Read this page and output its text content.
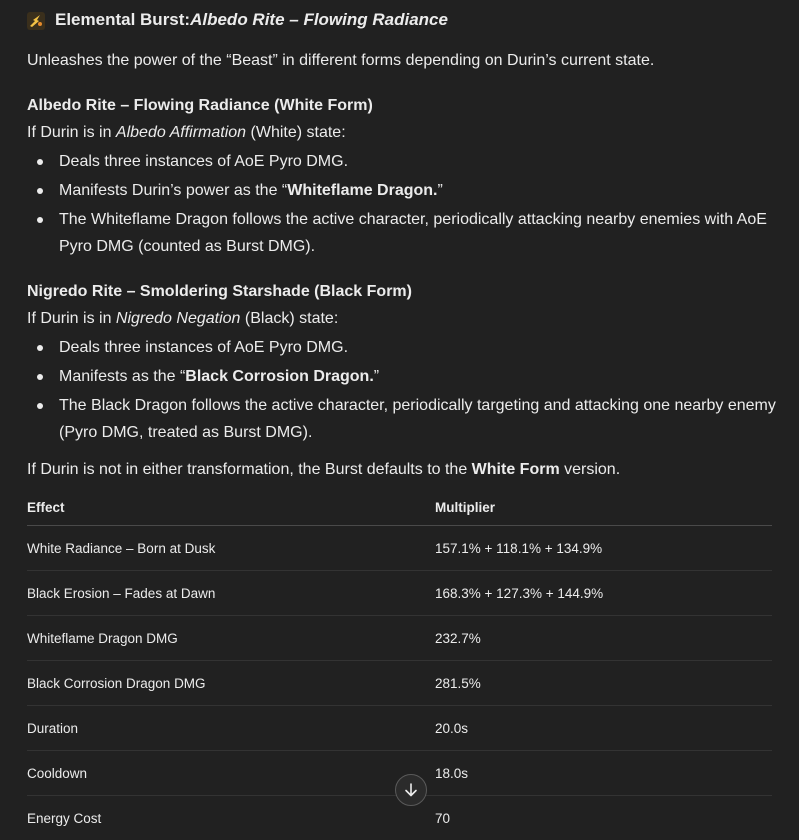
Elemental Burst: Albedo Rite – Flowing Radiance

Unleashes the power of the “Beast” in different forms depending on Durin’s current state.

Albedo Rite – Flowing Radiance (White Form)

If Durin is in Albedo Affirmation (White) state:

Deals three instances of AoE Pyro DMG.
Manifests Durin’s power as the “Whiteflame Dragon.”
The Whiteflame Dragon follows the active character, periodically attacking nearby enemies with AoE Pyro DMG (counted as Burst DMG).

Nigredo Rite – Smoldering Starshade (Black Form)

If Durin is in Nigredo Negation (Black) state:

Deals three instances of AoE Pyro DMG.
Manifests as the “Black Corrosion Dragon.”
The Black Dragon follows the active character, periodically targeting and attacking one nearby enemy (Pyro DMG, treated as Burst DMG).

If Durin is not in either transformation, the Burst defaults to the White Form version.

Effect	Multiplier
White Radiance – Born at Dusk	157.1% + 118.1% + 134.9%
Black Erosion – Fades at Dawn	168.3% + 127.3% + 144.9%
Whiteflame Dragon DMG	232.7%
Black Corrosion Dragon DMG	281.5%
Duration	20.0s
Cooldown	18.0s
Energy Cost	70
